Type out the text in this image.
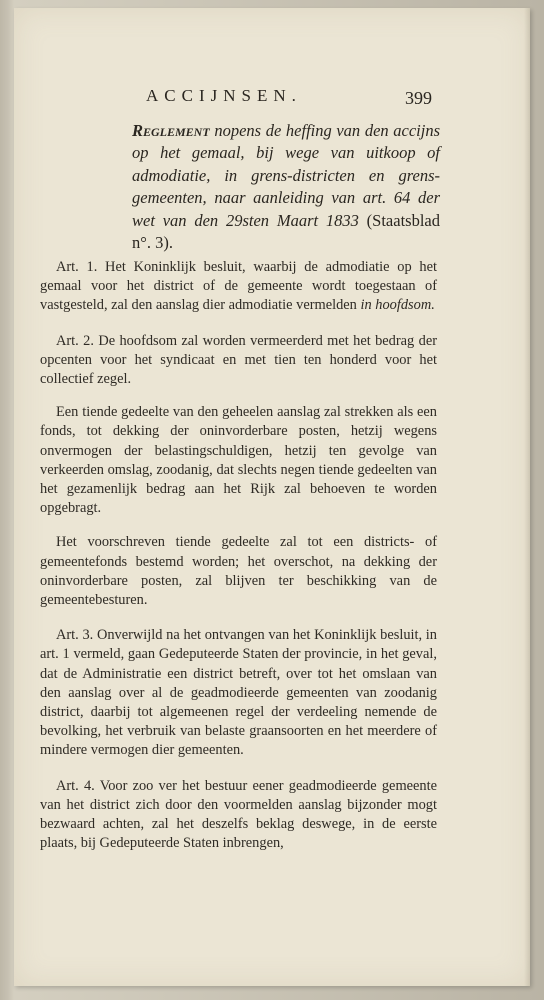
ACCIJNSEN.	399
Reglement nopens de heffing van den accijns op het gemaal, bij wege van uitkoop of admodiatie, in grens-districten en grens-gemeenten, naar aanleiding van art. 64 der wet van den 29sten Maart 1833 (Staatsblad n°. 3).

Art. 1. Het Koninklijk besluit, waarbij de admodiatie op het gemaal voor het district of de gemeente wordt toegestaan of vastgesteld, zal den aanslag dier admodiatie vermelden in hoofdsom.

Art. 2. De hoofdsom zal worden vermeerderd met het bedrag der opcenten voor het syndicaat en met tien ten honderd voor het collectief zegel.

Een tiende gedeelte van den geheelen aanslag zal strekken als een fonds, tot dekking der oninvorderbare posten, hetzij wegens onvermogen der belastingschuldigen, hetzij ten gevolge van verkeerden omslag, zoodanig, dat slechts negen tiende gedeelten van het gezamenlijk bedrag aan het Rijk zal behoeven te worden opgebragt.

Het voorschreven tiende gedeelte zal tot een districts- of gemeentefonds bestemd worden; het overschot, na dekking der oninvorderbare posten, zal blijven ter beschikking van de gemeentebesturen.

Art. 3. Onverwijld na het ontvangen van het Koninklijk besluit, in art. 1 vermeld, gaan Gedeputeerde Staten der provincie, in het geval, dat de Administratie een district betreft, over tot het omslaan van den aanslag over al de geadmodieerde gemeenten van zoodanig district, daarbij tot algemeenen regel der verdeeling nemende de bevolking, het verbruik van belaste graansoorten en het meerdere of mindere vermogen dier gemeenten.

Art. 4. Voor zoo ver het bestuur eener geadmodieerde gemeente van het district zich door den voormelden aanslag bijzonder mogt bezwaard achten, zal het deszelfs beklag deswege, in de eerste plaats, bij Gedeputeerde Staten inbrengen,
